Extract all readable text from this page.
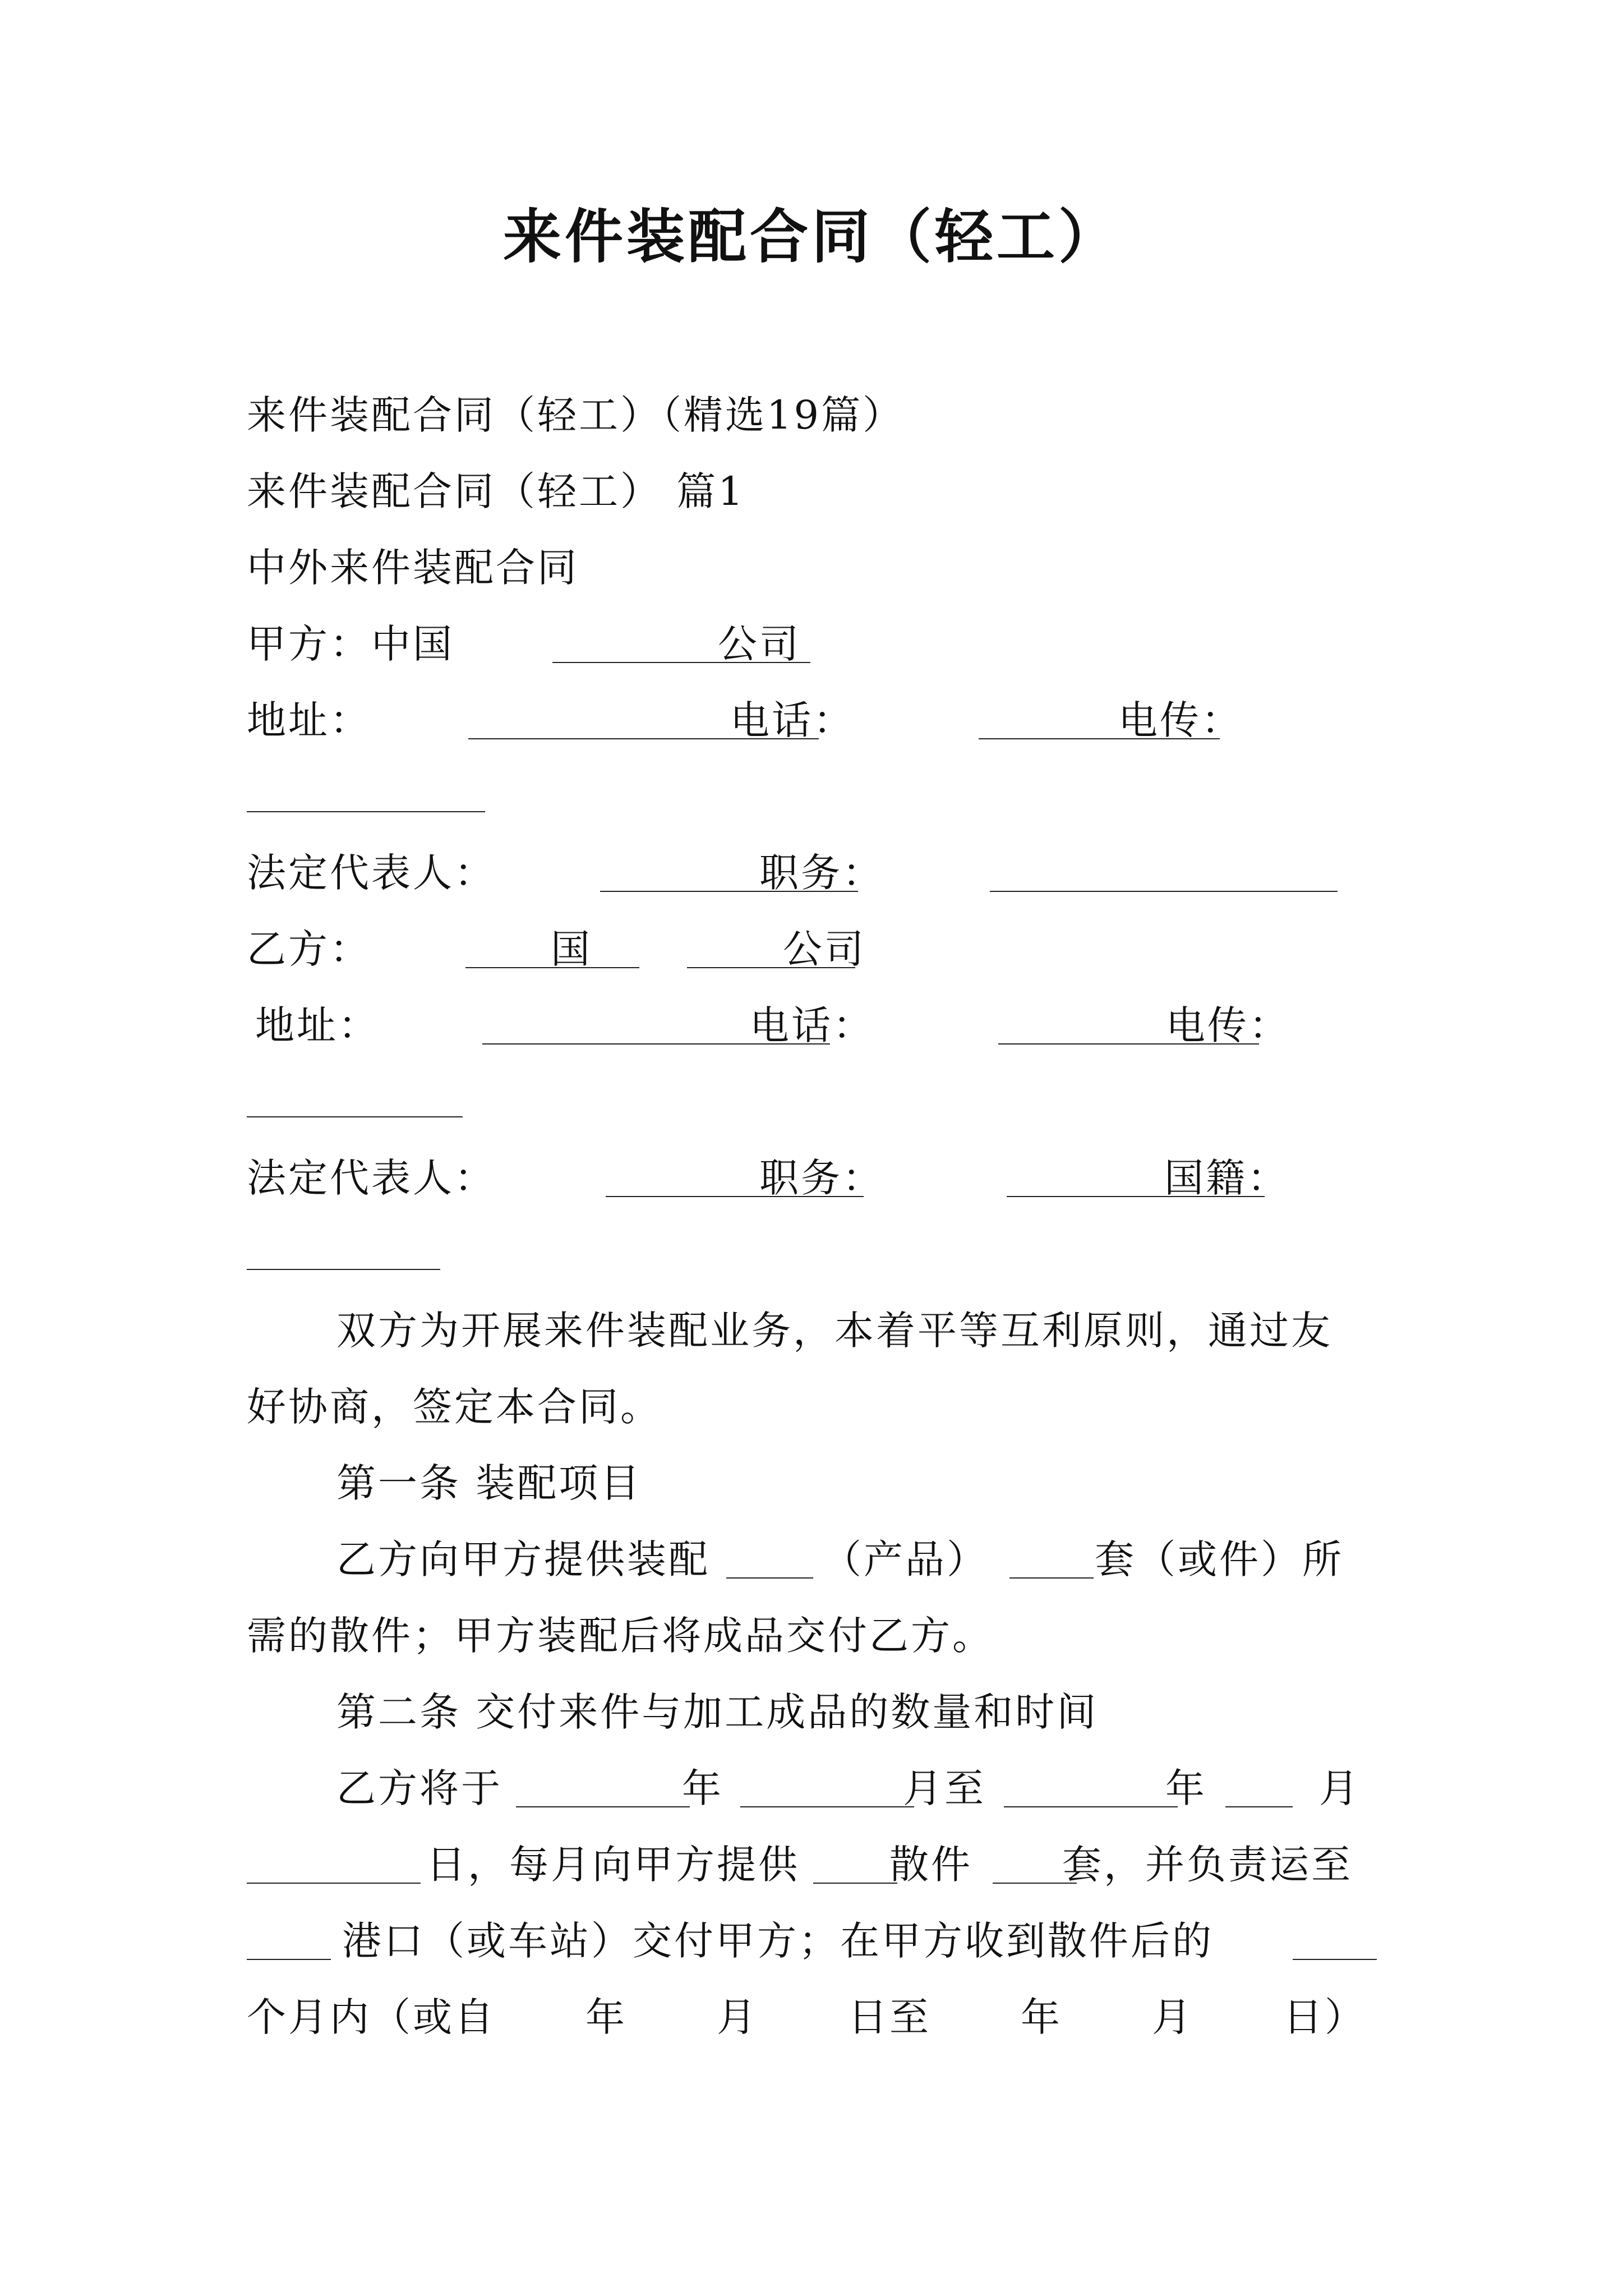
来件装配合同（轻工）
来件装配合同（轻工）（精选19篇）
来件装配合同（轻工） 篇1
中外来件装配合同
甲方：中国	公司
地址：	电话：	电传：
法定代表人：	职务：
乙方：	国	公司
地址：	电话：	电传：
法定代表人：	职务：	国籍：
双方为开展来件装配业务，本着平等互利原则，通过友
好协商，签定本合同。
第一条 装配项目
乙方向甲方提供装配	（产品）	套（或件）所
需的散件；甲方装配后将成品交付乙方。
第二条 交付来件与加工成品的数量和时间
乙方将于	年	月至	年	月
日，每月向甲方提供 散件 套，并负责运至
港口（或车站）交付甲方；在甲方收到散件后的
个月内（或自 年 月 日至 年 月 日）
